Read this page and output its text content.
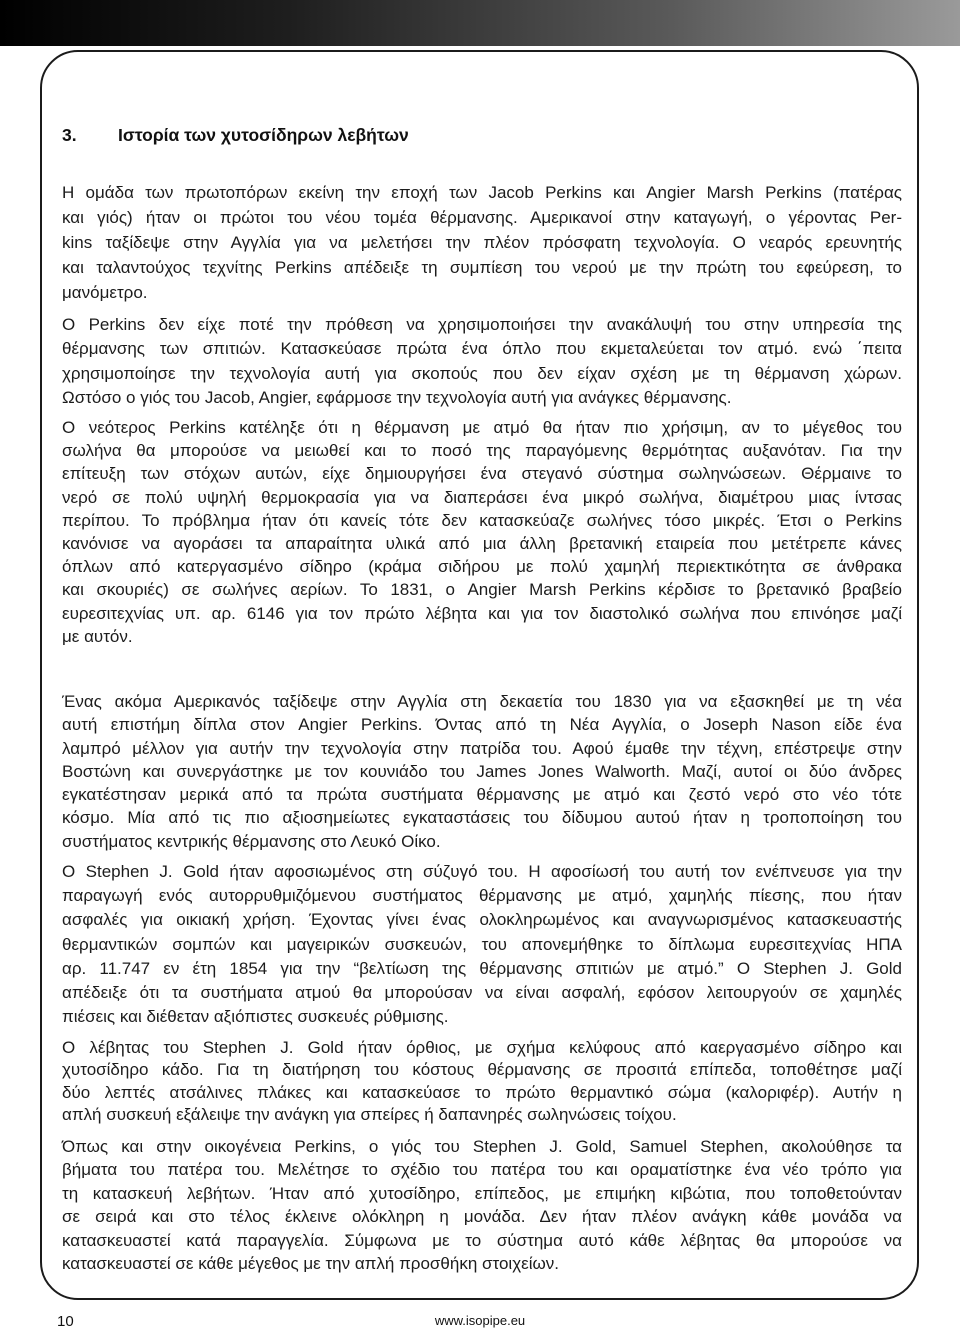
3. Ιστορία των χυτοσίδηρων λεβήτων
Η ομάδα των πρωτοπόρων εκείνη την εποχή των Jacob Perkins και Angier Marsh Perkins (πατέρας
και γιός) ήταν οι πρώτοι του νέου τομέα θέρμανσης. Αμερικανοί στην καταγωγή, ο γέροντας Per-
kins ταξίδεψε στην Αγγλία για να μελετήσει την πλέον πρόσφατη τεχνολογία. Ο νεαρός ερευνητής
και ταλαντούχος τεχνίτης Perkins απέδειξε τη συμπίεση του νερού με την πρώτη του εφεύρεση, το
μανόμετρο.
Ο Perkins δεν είχε ποτέ την πρόθεση να χρησιμοποιήσει την ανακάλυψή του στην υπηρεσία της
θέρμανσης των σπιτιών. Κατασκεύασε πρώτα ένα όπλο που εκμεταλεύεται τον ατμό. ενώ ΄πειτα
χρησιμοποίησε την τεχνολογία αυτή για σκοπούς που δεν είχαν σχέση με τη θέρμανση χώρων.
Ωστόσο ο γιός του Jacob, Angier, εφάρμοσε την τεχνολογία αυτή για ανάγκες θέρμανσης.
Ο νεότερος Perkins κατέληξε ότι η θέρμανση με ατμό θα ήταν πιο χρήσιμη, αν το μέγεθος του
σωλήνα θα μπορούσε να μειωθεί και το ποσό της παραγόμενης θερμότητας αυξανόταν. Για την
επίτευξη των στόχων αυτών, είχε δημιουργήσει ένα στεγανό σύστημα σωληνώσεων. Θέρμαινε το
νερό σε πολύ υψηλή θερμοκρασία για να διαπεράσει ένα μικρό σωλήνα, διαμέτρου μιας ίντσας
περίπου. Το πρόβλημα ήταν ότι κανείς τότε δεν κατασκεύαζε σωλήνες τόσο μικρές. Έτσι ο Perkins
κανόνισε να αγοράσει τα απαραίτητα υλικά από μια άλλη βρετανική εταιρεία που μετέτρεπε κάνες
όπλων από κατεργασμένο σίδηρο (κράμα σιδήρου με πολύ χαμηλή περιεκτικότητα σε άνθρακα
και σκουριές) σε σωλήνες αερίων. Το 1831, ο Angier Marsh Perkins κέρδισε το βρετανικό βραβείο
ευρεσιτεχνίας υπ. αρ. 6146 για τον πρώτο λέβητα και για τον διαστολικό σωλήνα που επινόησε μαζί
με αυτόν.
Ένας ακόμα Αμερικανός ταξίδεψε στην Αγγλία στη δεκαετία του 1830 για να εξασκηθεί με τη νέα
αυτή επιστήμη δίπλα στον Angier Perkins. Όντας από τη Νέα Αγγλία, ο Joseph Nason είδε ένα
λαμπρό μέλλον για αυτήν την τεχνολογία στην πατρίδα του. Αφού έμαθε την τέχνη, επέστρεψε στην
Βοστώνη και συνεργάστηκε με τον κουνιάδο του James Jones Walworth. Μαζί, αυτοί οι δύο άνδρες
εγκατέστησαν μερικά από τα πρώτα συστήματα θέρμανσης με ατμό και ζεστό νερό στο νέο τότε
κόσμο. Μία από τις πιο αξιοσημείωτες εγκαταστάσεις του δίδυμου αυτού ήταν η τροποποίηση του
συστήματος κεντρικής θέρμανσης στο Λευκό Οίκο.
Ο Stephen J. Gold ήταν αφοσιωμένος στη σύζυγό του. Η αφοσίωσή του αυτή τον ενέπνευσε για την
παραγωγή ενός αυτορρυθμιζόμενου συστήματος θέρμανσης με ατμό, χαμηλής πίεσης, που ήταν
ασφαλές για οικιακή χρήση. Έχοντας γίνει ένας ολοκληρωμένος και αναγνωρισμένος κατασκευαστής
θερμαντικών σομπών και μαγειρικών συσκευών, του απονεμήθηκε το δίπλωμα ευρεσιτεχνίας ΗΠΑ
αρ. 11.747 εν έτη 1854 για την “βελτίωση της θέρμανσης σπιτιών με ατμό.” Ο Stephen J. Gold
απέδειξε ότι τα συστήματα ατμού θα μπορούσαν να είναι ασφαλή, εφόσον λειτουργούν σε χαμηλές
πιέσεις και διέθεταν αξιόπιστες συσκευές ρύθμισης.
Ο λέβητας του Stephen J. Gold ήταν όρθιος, με σχήμα κελύφους από καεργασμένο σίδηρο και
χυτοσίδηρο κάδο. Για τη διατήρηση του κόστους θέρμανσης σε προσιτά επίπεδα, τοποθέτησε μαζί
δύο λεπτές ατσάλινες πλάκες και κατασκεύασε το πρώτο θερμαντικό σώμα (καλοριφέρ). Αυτήν η
απλή συσκευή εξάλειψε την ανάγκη για σπείρες ή δαπανηρές σωληνώσεις τοίχου.
Όπως και στην οικογένεια Perkins, ο γιός του Stephen J. Gold, Samuel Stephen, ακολούθησε τα
βήματα του πατέρα του. Μελέτησε το σχέδιο του πατέρα του και οραματίστηκε ένα νέο τρόπο για
τη κατασκευή λεβήτων. Ήταν από χυτοσίδηρο, επίπεδος, με επιμήκη κιβώτια, που τοποθετούνταν
σε σειρά και στο τέλος έκλεινε ολόκληρη η μονάδα. Δεν ήταν πλέον ανάγκη κάθε μονάδα να
κατασκευαστεί κατά παραγγελία. Σύμφωνα με το σύστημα αυτό κάθε λέβητας θα μπορούσε να
κατασκευαστεί σε κάθε μέγεθος με την απλή προσθήκη στοιχείων.
10	www.isopipe.eu
